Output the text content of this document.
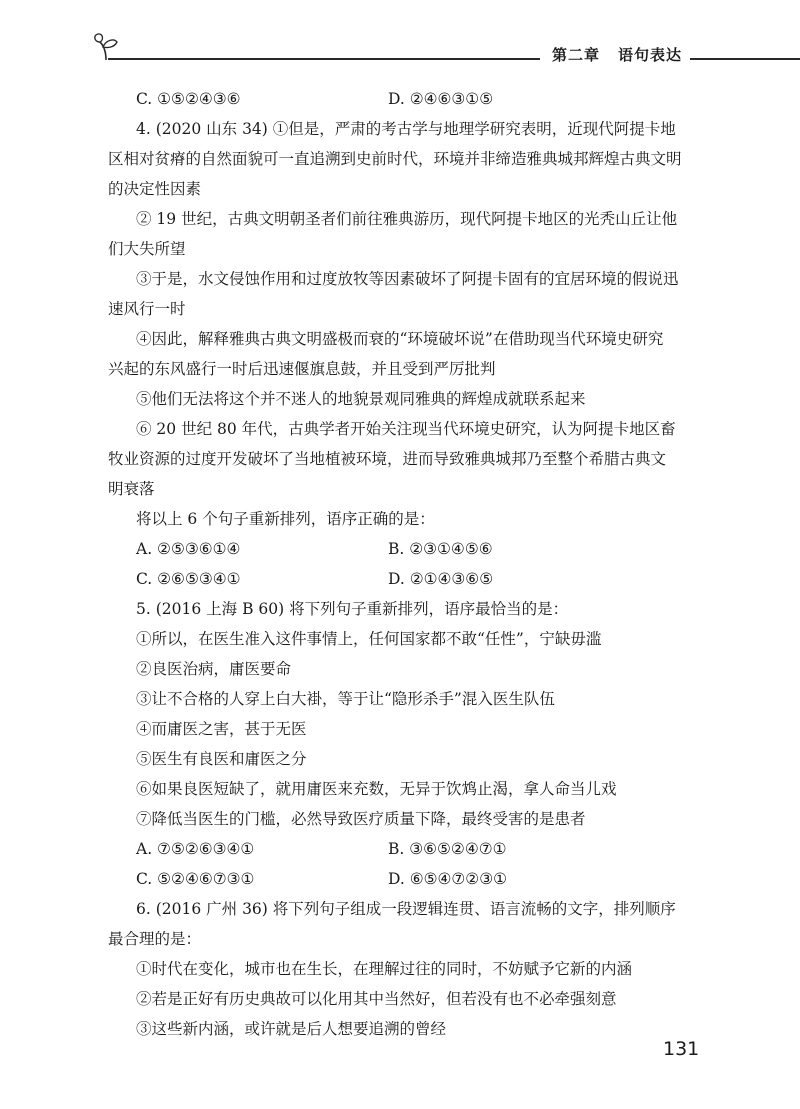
第二章 语句表达
C. ①⑤②④③⑥	D. ②④⑥③①⑤
4. (2020 山东 34) ①但是，严肃的考古学与地理学研究表明，近现代阿提卡地
区相对贫瘠的自然面貌可一直追溯到史前时代，环境并非缔造雅典城邦辉煌古典文明
的决定性因素
② 19 世纪，古典文明朝圣者们前往雅典游历，现代阿提卡地区的光秃山丘让他
们大失所望
③于是，水文侵蚀作用和过度放牧等因素破坏了阿提卡固有的宜居环境的假说迅
速风行一时
④因此，解释雅典古典文明盛极而衰的“环境破坏说”在借助现当代环境史研究
兴起的东风盛行一时后迅速偃旗息鼓，并且受到严厉批判
⑤他们无法将这个并不迷人的地貌景观同雅典的辉煌成就联系起来
⑥ 20 世纪 80 年代，古典学者开始关注现当代环境史研究，认为阿提卡地区畜
牧业资源的过度开发破坏了当地植被环境，进而导致雅典城邦乃至整个希腊古典文
明衰落
将以上 6 个句子重新排列，语序正确的是：
A. ②⑤③⑥①④	B. ②③①④⑤⑥
C. ②⑥⑤③④①	D. ②①④③⑥⑤
5. (2016 上海 B 60) 将下列句子重新排列，语序最恰当的是：
①所以，在医生准入这件事情上，任何国家都不敢“任性”，宁缺毋滥
②良医治病，庸医要命
③让不合格的人穿上白大褂，等于让“隐形杀手”混入医生队伍
④而庸医之害，甚于无医
⑤医生有良医和庸医之分
⑥如果良医短缺了，就用庸医来充数，无异于饮鸩止渴，拿人命当儿戏
⑦降低当医生的门槛，必然导致医疗质量下降，最终受害的是患者
A. ⑦⑤②⑥③④①	B. ③⑥⑤②④⑦①
C. ⑤②④⑥⑦③①	D. ⑥⑤④⑦②③①
6. (2016 广州 36) 将下列句子组成一段逻辑连贯、语言流畅的文字，排列顺序
最合理的是：
①时代在变化，城市也在生长，在理解过往的同时，不妨赋予它新的内涵
②若是正好有历史典故可以化用其中当然好，但若没有也不必牵强刻意
③这些新内涵，或许就是后人想要追溯的曾经
131
